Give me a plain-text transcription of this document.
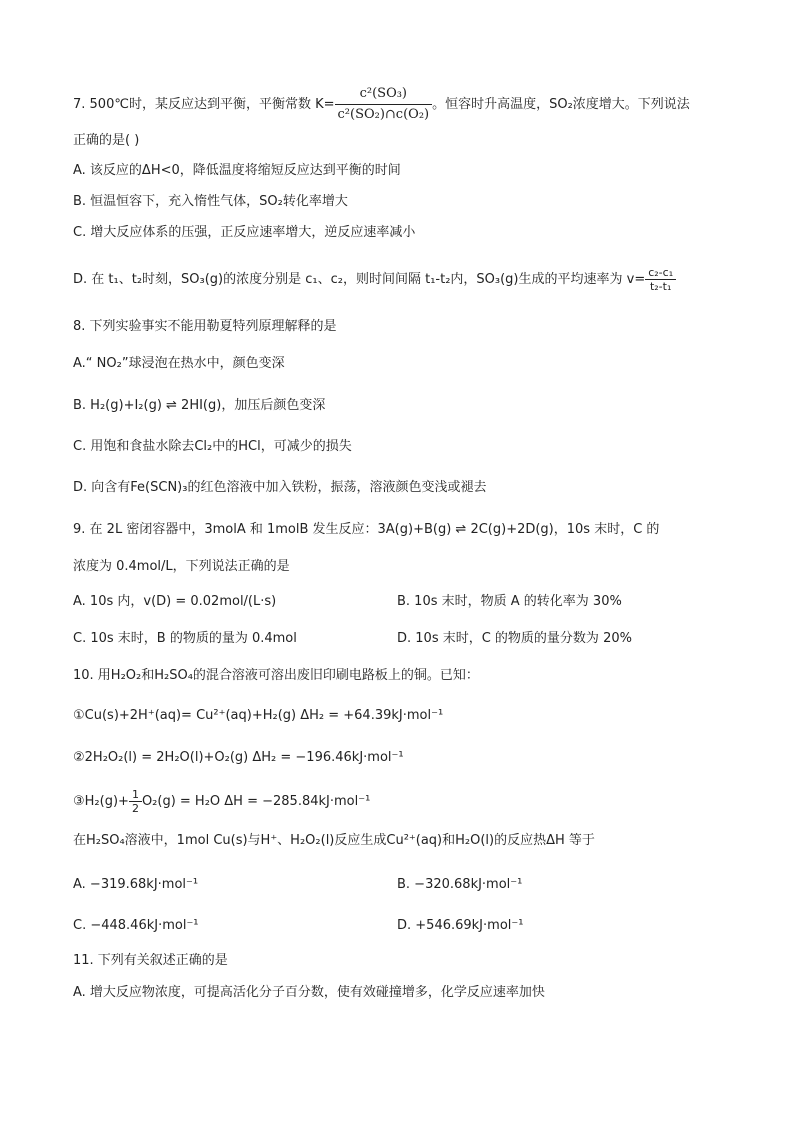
7. 500℃时，某反应达到平衡，平衡常数 $K= \frac{\text{c²(SO₃)}}{\text{c²(SO₂)∩c(O₂)}}$ 。恒容时升高温度，SO₂浓度增大。下列说法
正确的是( )
A. 该反应的ΔH<0，降低温度将缩短反应达到平衡的时间
B. 恒温恒容下，充入惰性气体，SO₂转化率增大
C. 增大反应体系的压强，正反应速率增大，逆反应速率减小
D. 在 t₁、t₂时刻，SO₃(g)的浓度分别是 c₁、c₂，则时间间隔 t₁-t₂内，SO₃(g)生成的平均速率为 $v= \frac{\text{c₂-c₁}}{\text{t₂-t₁}}$
8. 下列实验事实不能用勒夏特列原理解释的是
A.“ NO₂”球浸泡在热水中，颜色变深
B. H₂(g)+I₂(g) ⇌ 2HI(g)，加压后颜色变深
C. 用饱和食盐水除去Cl₂中的HCl，可减少的损失
D. 向含有Fe(SCN)₃的红色溶液中加入铁粉，振荡，溶液颜色变浅或褪去
9. 在 2L 密闭容器中，3molA 和 1molB 发生反应：3A(g)+B(g) ⇌ 2C(g)+2D(g)，10s 末时，C 的
浓度为 0.4mol/L，下列说法正确的是
A. 10s 内，v(D) = 0.02mol/(L·s)	B. 10s 末时，物质 A 的转化率为 30%
C. 10s 末时，B 的物质的量为 0.4mol	D. 10s 末时，C 的物质的量分数为 20%
10. 用H₂O₂和H₂SO₄的混合溶液可溶出废旧印刷电路板上的铜。已知：
①Cu(s)+2H⁺(aq)= Cu²⁺(aq)+H₂(g) ΔH₂ = +64.39kJ·mol⁻¹
②2H₂O₂(l) = 2H₂O(l)+O₂(g) ΔH₂ = −196.46kJ·mol⁻¹
③H₂(g)+ $\frac{1}{2} O_2(g) = H_2O$ ΔH = −285.84kJ·mol⁻¹
在H₂SO₄溶液中，1mol Cu(s)与H⁺、H₂O₂(l)反应生成Cu²⁺(aq)和H₂O(l)的反应热ΔH 等于
A. −319.68kJ·mol⁻¹	B. −320.68kJ·mol⁻¹
C. −448.46kJ·mol⁻¹	D. +546.69kJ·mol⁻¹
11. 下列有关叙述正确的是
A. 增大反应物浓度，可提高活化分子百分数，使有效碰撞增多，化学反应速率加快
